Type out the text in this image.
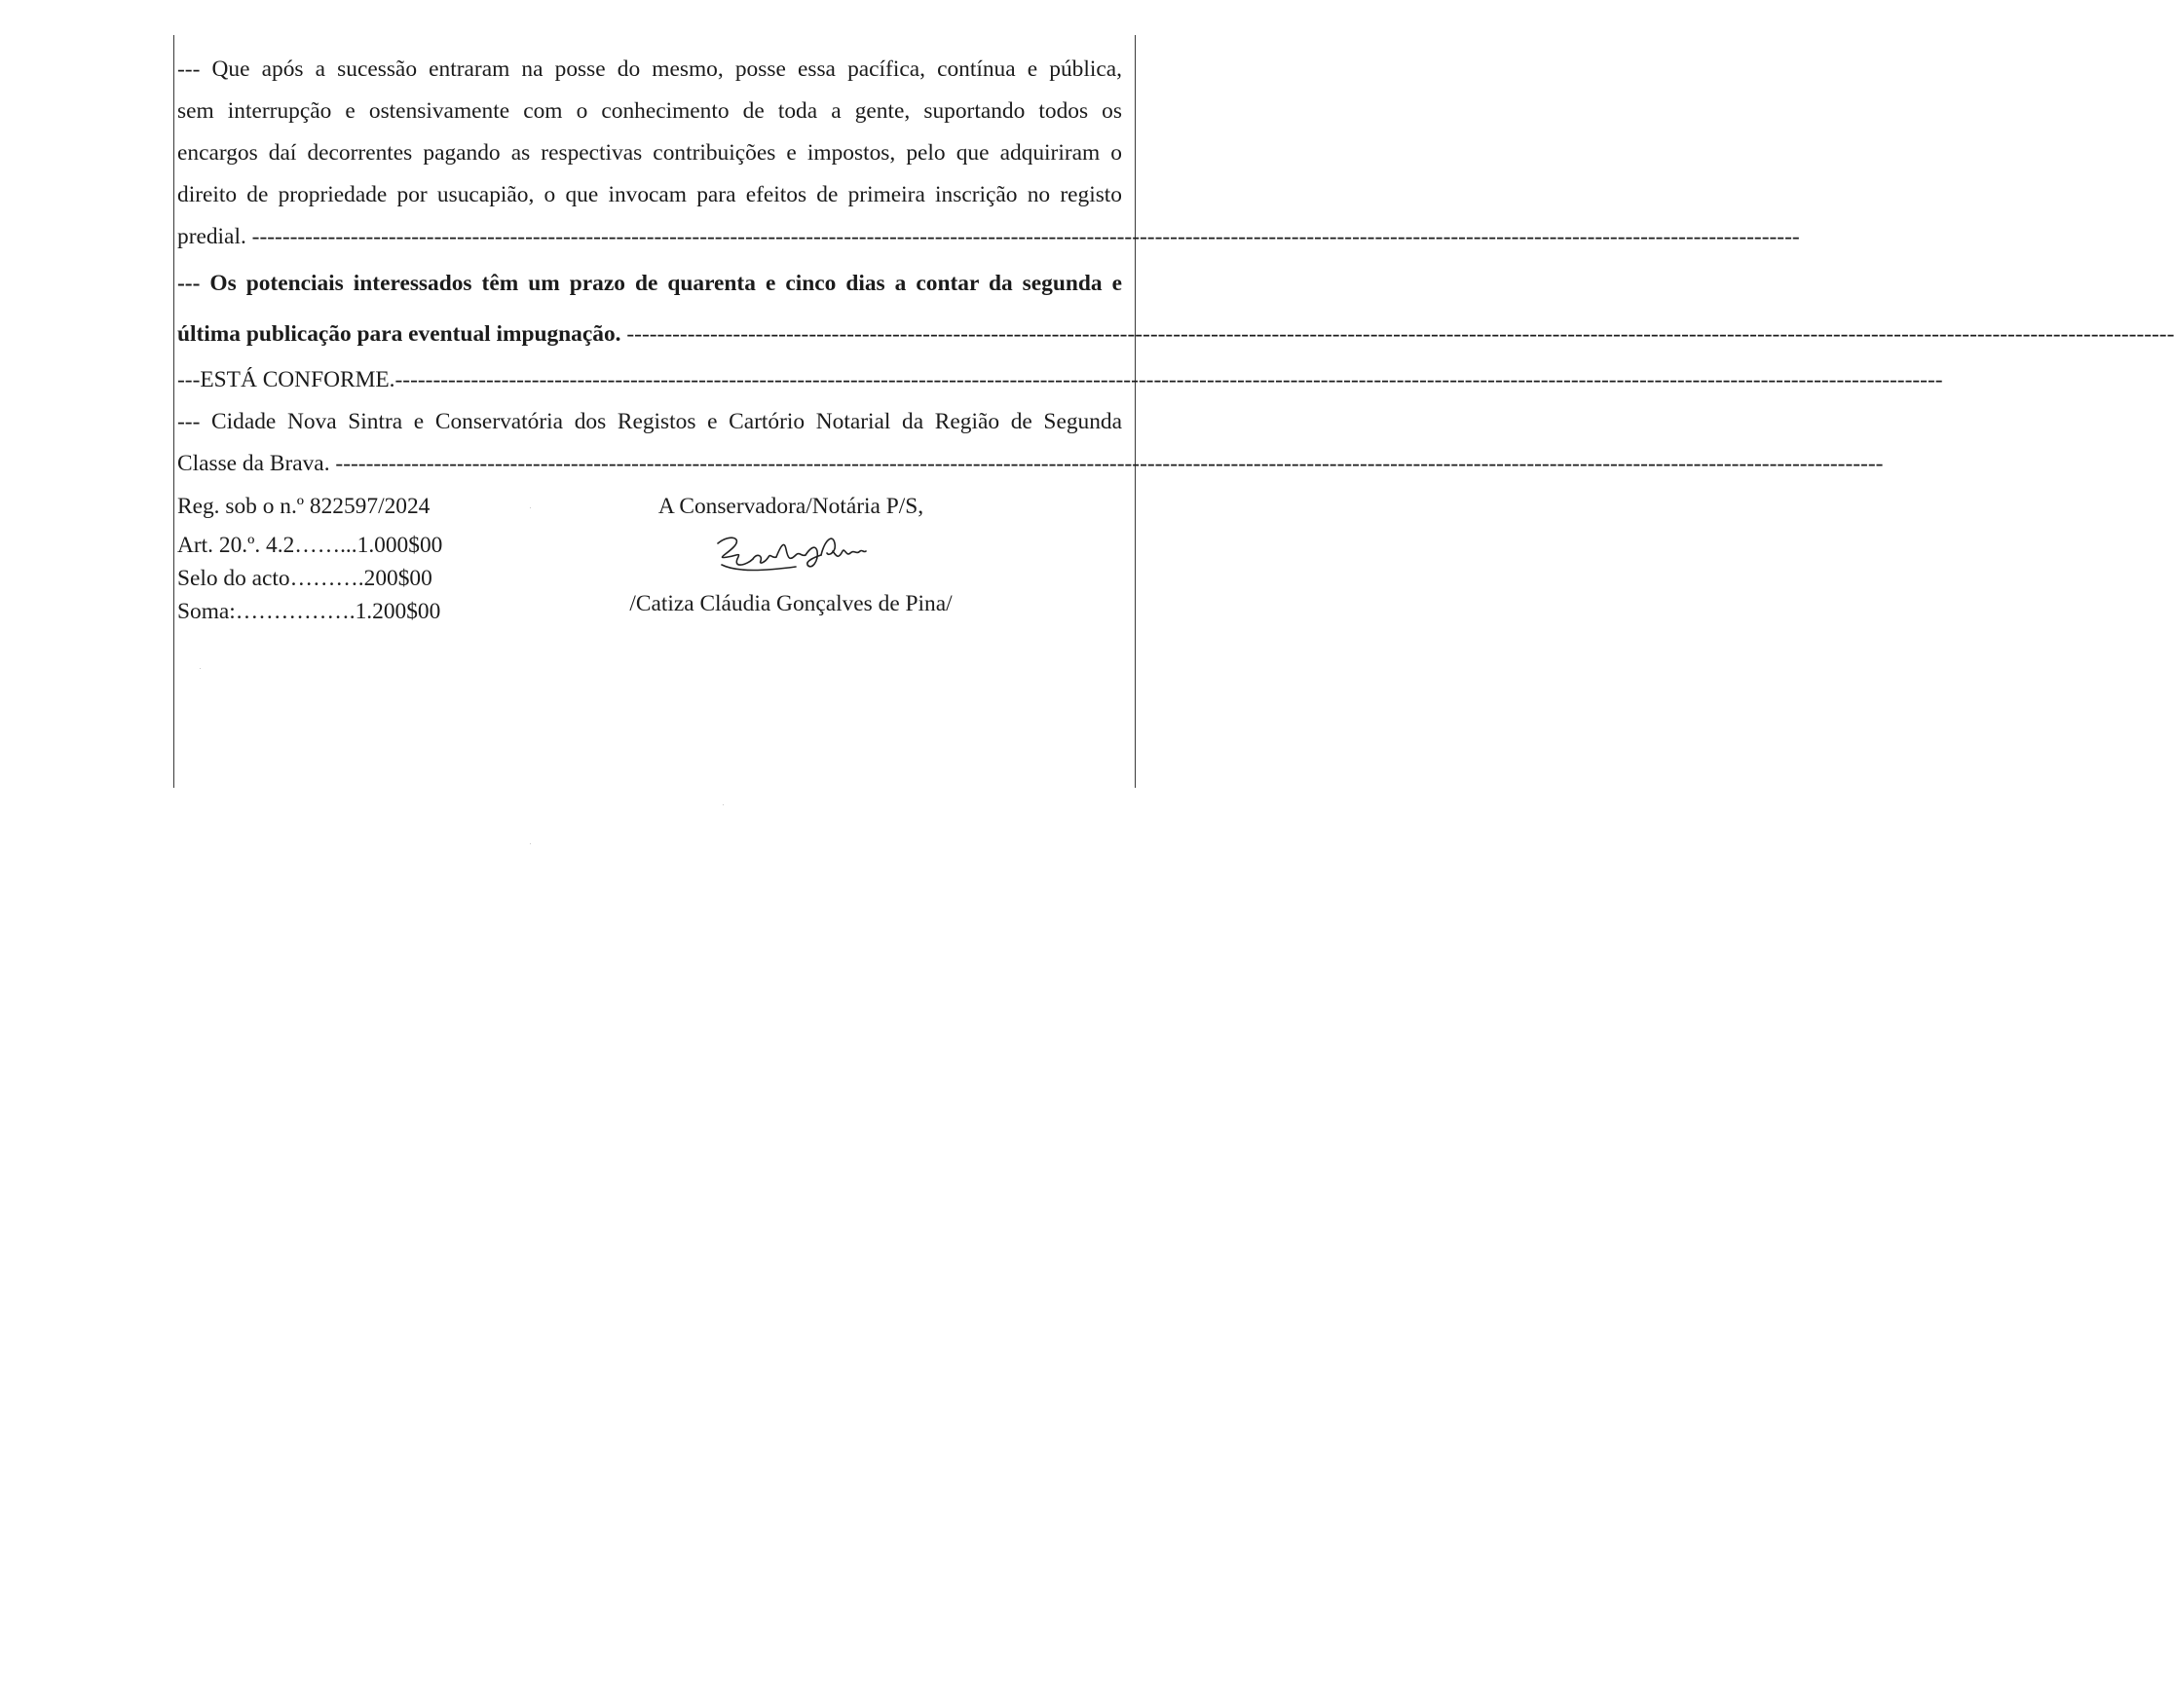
--- Que após a sucessão entraram na posse do mesmo, posse essa pacífica, contínua e pública,
sem interrupção e ostensivamente com o conhecimento de toda a gente, suportando todos os
encargos daí decorrentes pagando as respectivas contribuições e impostos, pelo que adquiriram o
direito de propriedade por usucapião, o que invocam para efeitos de primeira inscrição no registo
predial.
------------------------------------------------------------------------------------------------------------------------------------------------------------------------------------------------------------
--- Os potenciais interessados têm um prazo de quarenta e cinco dias a contar da segunda e
última publicação para eventual impugnação.
------------------------------------------------------------------------------------------------------------------------------------------------------------------------------------------------------------
---ESTÁ CONFORME. ------------------------------------------------------------------------------------------------------------------------------------------------------------------------------------------------------------
--- Cidade Nova Sintra e Conservatória dos Registos e Cartório Notarial da Região de Segunda
Classe da Brava.
------------------------------------------------------------------------------------------------------------------------------------------------------------------------------------------------------------
Reg. sob o n.º 822597/2024
Art. 20.º. 4.2……...1.000$00
Selo do acto……….200$00
Soma:…………….1.200$00
A Conservadora/Notária P/S,
/Catiza Cláudia Gonçalves de Pina/
